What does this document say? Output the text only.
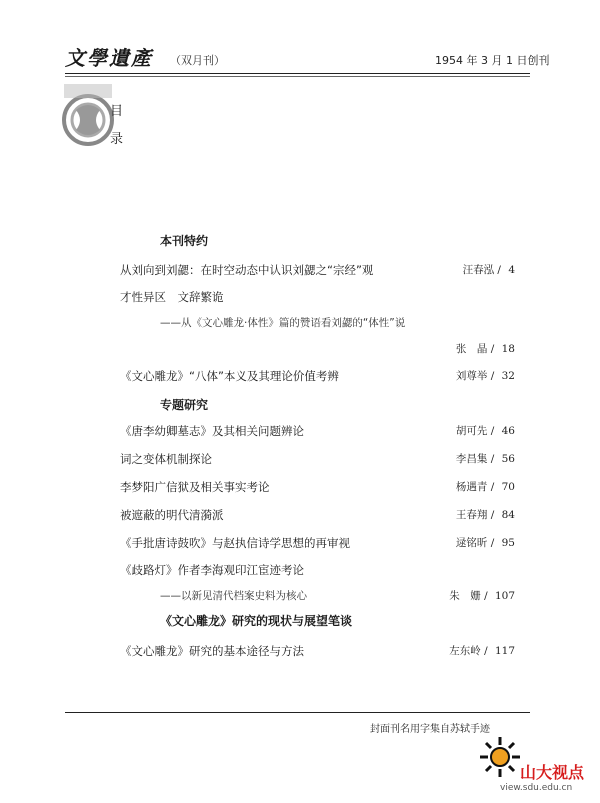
文學遺產 （双月刊）	1954 年 3 月 1 日创刊
目
录
本刊特约
专题研究
《文心雕龙》研究的现状与展望笔谈
从刘向到刘勰：在时空动态中认识刘勰之“宗经”观	汪春泓 / 4
才性异区　文辞繁诡
——从《文心雕龙·体性》篇的赞语看刘勰的“体性”说
张　晶 / 18
《文心雕龙》“八体”本义及其理论价值考辨	刘尊举 / 32
《唐李幼卿墓志》及其相关问题辨论	胡可先 / 46
词之变体机制探论	李昌集 / 56
李梦阳广信狱及相关事实考论	杨遇青 / 70
被遮蔽的明代清漪派	王春翔 / 84
《手批唐诗鼓吹》与赵执信诗学思想的再审视	逯铭昕 / 95
《歧路灯》作者李海观印江宦迹考论
——以新见清代档案史料为核心	朱　姗 / 107
《文心雕龙》研究的基本途径与方法	左东岭 / 117
封面刊名用字集自苏轼手迹
山大视点
view.sdu.edu.cn
